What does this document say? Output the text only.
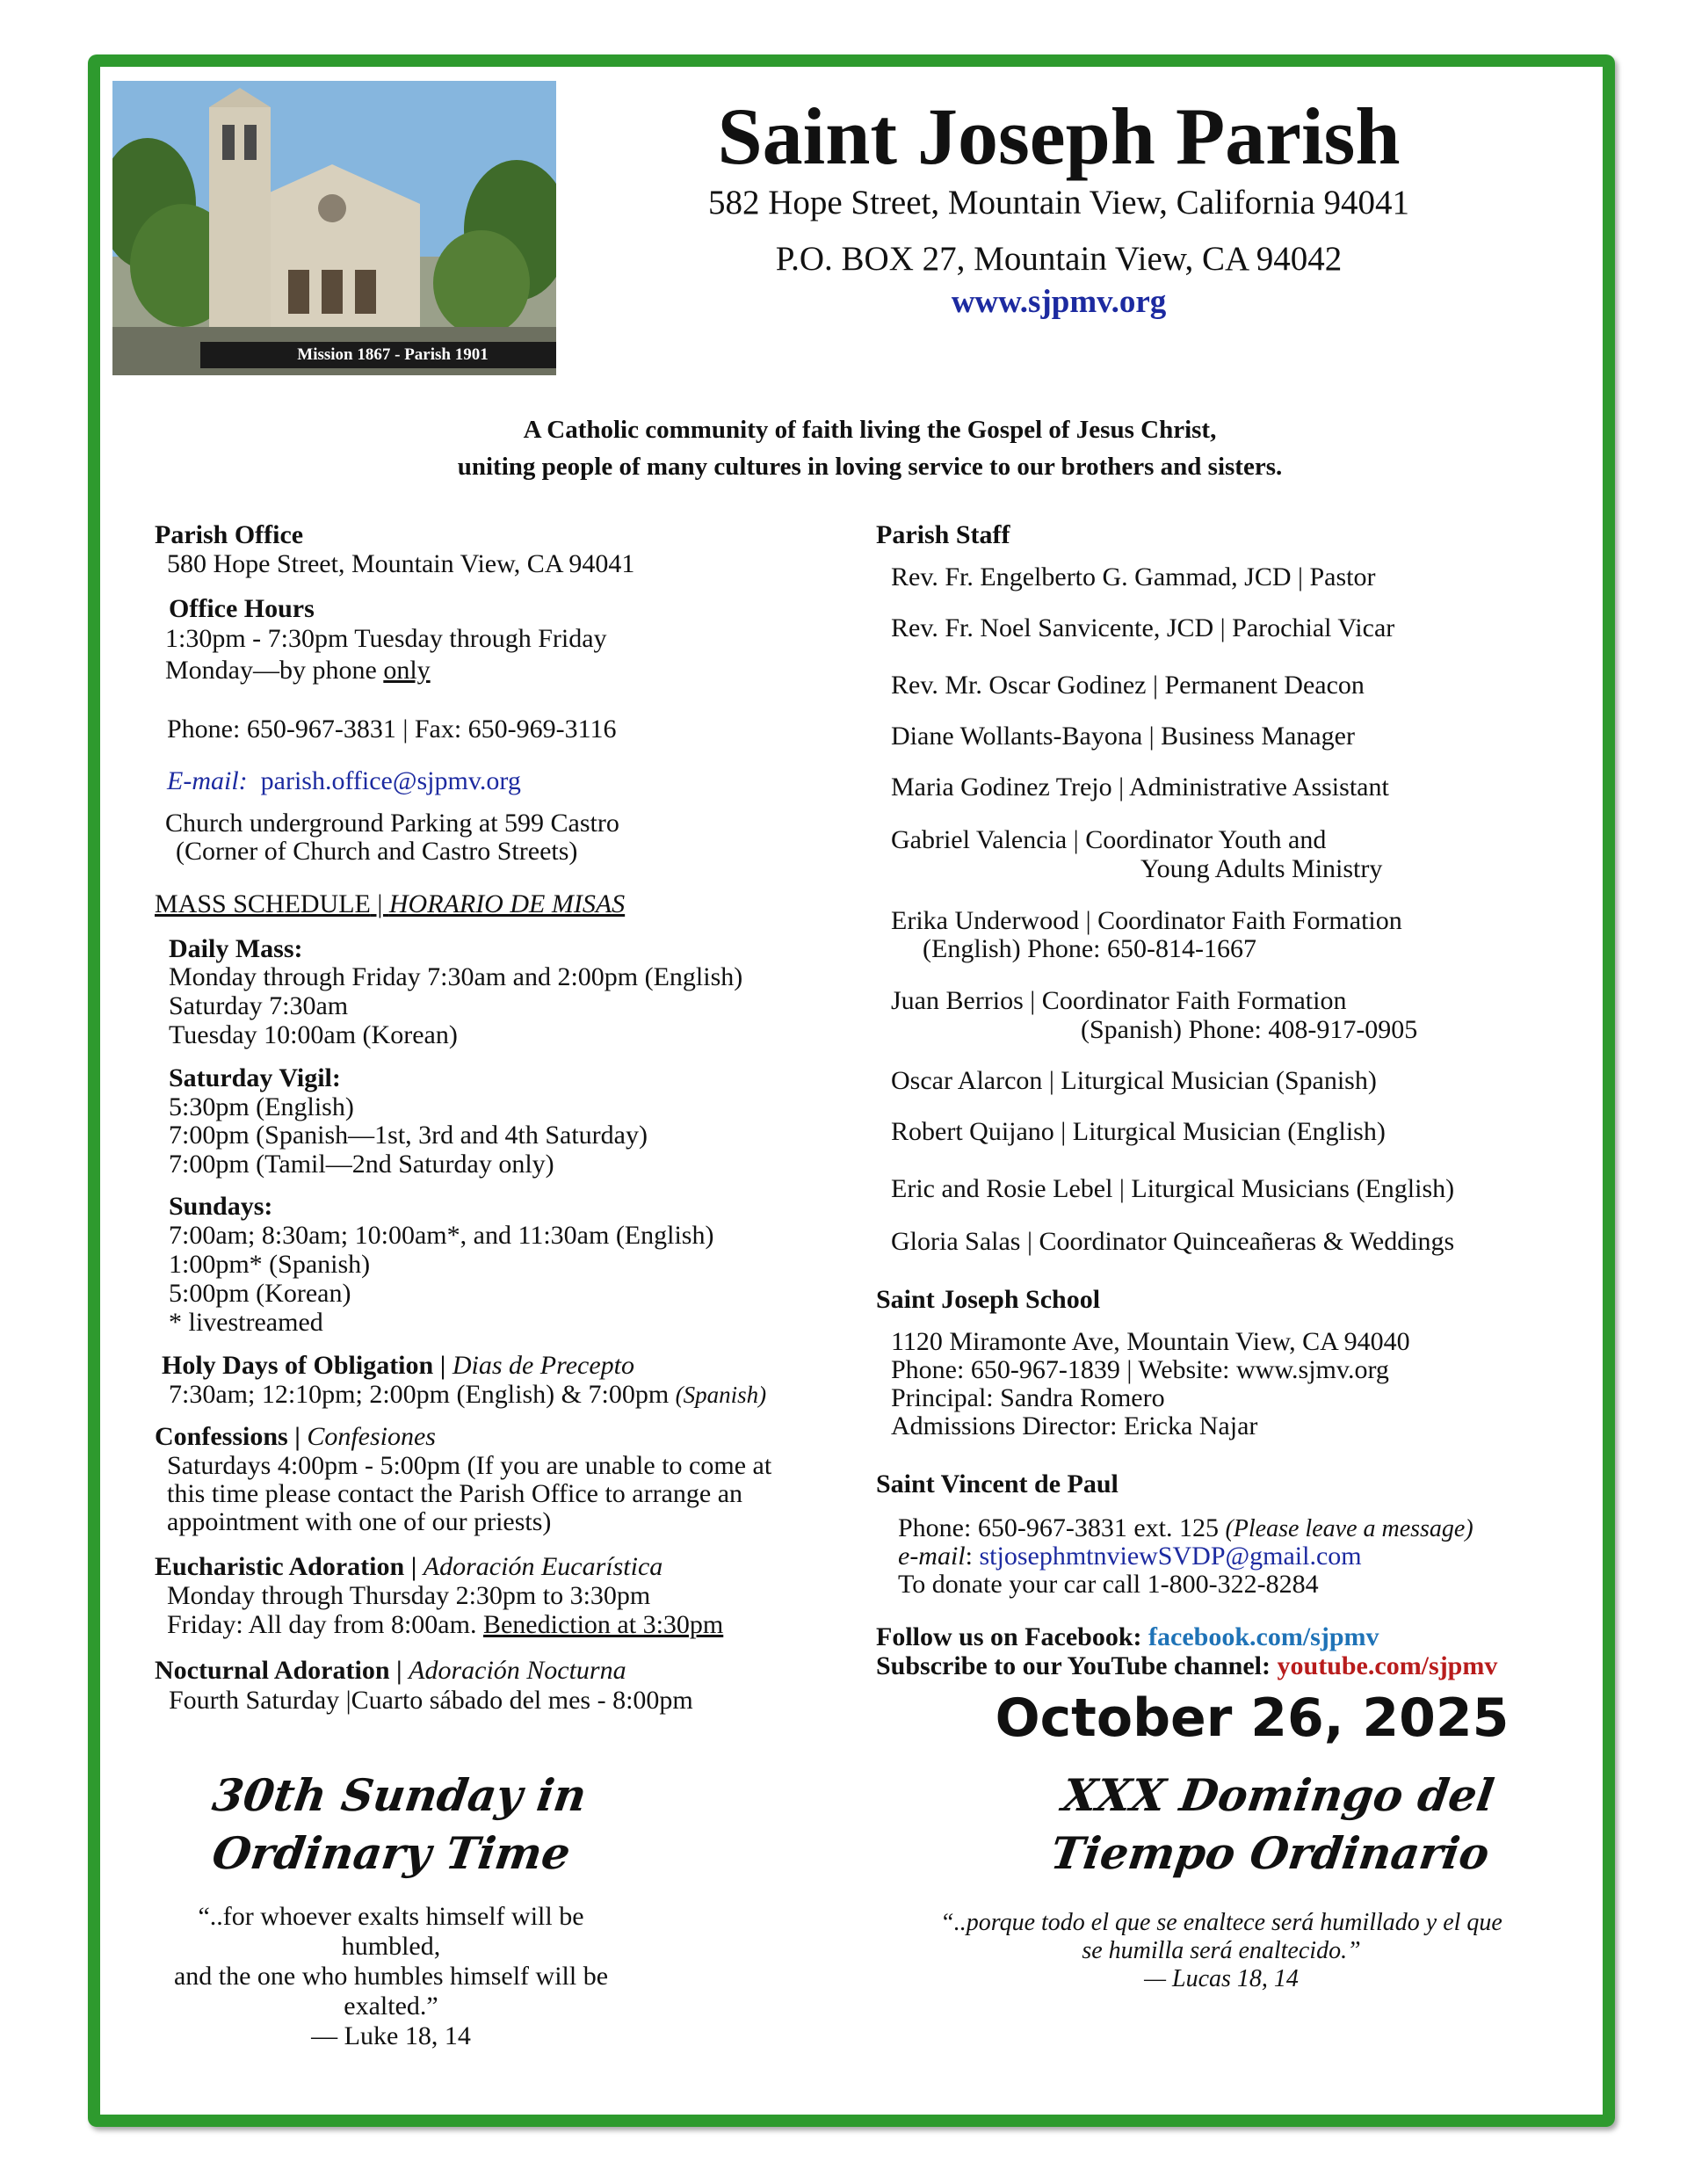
Mission 1867 - Parish 1901
Saint Joseph Parish
582 Hope Street, Mountain View, California 94041
P.O. BOX 27, Mountain View, CA 94042
www.sjpmv.org
A Catholic community of faith living the Gospel of Jesus Christ,
uniting people of many cultures in loving service to our brothers and sisters.
Parish Office
580 Hope Street, Mountain View, CA 94041
Office Hours
1:30pm - 7:30pm Tuesday through Friday
Monday—by phone only
Phone: 650-967-3831 | Fax: 650-969-3116
E-mail: parish.office@sjpmv.org
Church underground Parking at 599 Castro
(Corner of Church and Castro Streets)
MASS SCHEDULE | HORARIO DE MISAS
Daily Mass:
Monday through Friday 7:30am and 2:00pm (English)
Saturday 7:30am
Tuesday 10:00am (Korean)
Saturday Vigil:
5:30pm (English)
7:00pm (Spanish—1st, 3rd and 4th Saturday)
7:00pm (Tamil—2nd Saturday only)
Sundays:
7:00am; 8:30am; 10:00am*, and 11:30am (English)
1:00pm* (Spanish)
5:00pm (Korean)
* livestreamed
Holy Days of Obligation | Dias de Precepto
7:30am; 12:10pm; 2:00pm (English) & 7:00pm (Spanish)
Confessions | Confesiones
Saturdays 4:00pm - 5:00pm (If you are unable to come at
this time please contact the Parish Office to arrange an
appointment with one of our priests)
Eucharistic Adoration | Adoración Eucarística
Monday through Thursday 2:30pm to 3:30pm
Friday: All day from 8:00am. Benediction at 3:30pm
Nocturnal Adoration | Adoración Nocturna
Fourth Saturday |Cuarto sábado del mes - 8:00pm
Parish Staff
Rev. Fr. Engelberto G. Gammad, JCD | Pastor
Rev. Fr. Noel Sanvicente, JCD | Parochial Vicar
Rev. Mr. Oscar Godinez | Permanent Deacon
Diane Wollants-Bayona | Business Manager
Maria Godinez Trejo | Administrative Assistant
Gabriel Valencia | Coordinator Youth and
Young Adults Ministry
Erika Underwood | Coordinator Faith Formation
(English) Phone: 650-814-1667
Juan Berrios | Coordinator Faith Formation
(Spanish) Phone: 408-917-0905
Oscar Alarcon | Liturgical Musician (Spanish)
Robert Quijano | Liturgical Musician (English)
Eric and Rosie Lebel | Liturgical Musicians (English)
Gloria Salas | Coordinator Quinceañeras & Weddings
Saint Joseph School
1120 Miramonte Ave, Mountain View, CA 94040
Phone: 650-967-1839 | Website: www.sjmv.org
Principal: Sandra Romero
Admissions Director: Ericka Najar
Saint Vincent de Paul
Phone: 650-967-3831 ext. 125 (Please leave a message)
e-mail: stjosephmtnviewSVDP@gmail.com
To donate your car call 1-800-322-8284
Follow us on Facebook: facebook.com/sjpmv
Subscribe to our YouTube channel: youtube.com/sjpmv
October 26, 2025
30th Sunday in
Ordinary Time
“..for whoever exalts himself will be
humbled,
and the one who humbles himself will be
exalted.”
— Luke 18, 14
XXX Domingo del
Tiempo Ordinario
“..porque todo el que se enaltece será humillado y el que
se humilla será enaltecido.”
— Lucas 18, 14
